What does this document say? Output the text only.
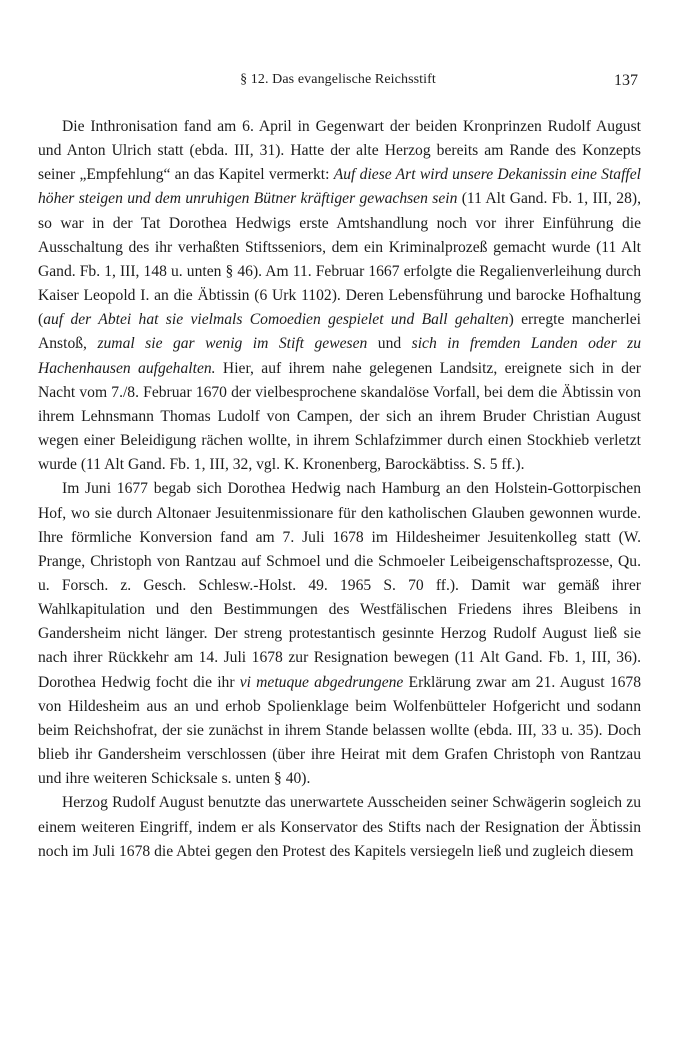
§ 12. Das evangelische Reichsstift	137

Die Inthronisation fand am 6. April in Gegenwart der beiden Kronprinzen Rudolf August und Anton Ulrich statt (ebda. III, 31). Hatte der alte Herzog bereits am Rande des Konzepts seiner „Empfehlung“ an das Kapitel vermerkt: Auf diese Art wird unsere Dekanissin eine Staffel höher steigen und dem unruhigen Bütner kräftiger gewachsen sein (11 Alt Gand. Fb. 1, III, 28), so war in der Tat Dorothea Hedwigs erste Amtshandlung noch vor ihrer Einführung die Ausschaltung des ihr verhaßten Stiftsseniors, dem ein Kriminalprozeß gemacht wurde (11 Alt Gand. Fb. 1, III, 148 u. unten § 46). Am 11. Februar 1667 erfolgte die Regalienverleihung durch Kaiser Leopold I. an die Äbtissin (6 Urk 1102). Deren Lebensführung und barocke Hofhaltung (auf der Abtei hat sie vielmals Comoedien gespielet und Ball gehalten) erregte mancherlei Anstoß, zumal sie gar wenig im Stift gewesen und sich in fremden Landen oder zu Hachenhausen aufgehalten. Hier, auf ihrem nahe gelegenen Landsitz, ereignete sich in der Nacht vom 7./8. Februar 1670 der vielbesprochene skandalöse Vorfall, bei dem die Äbtissin von ihrem Lehnsmann Thomas Ludolf von Campen, der sich an ihrem Bruder Christian August wegen einer Beleidigung rächen wollte, in ihrem Schlafzimmer durch einen Stockhieb verletzt wurde (11 Alt Gand. Fb. 1, III, 32, vgl. K. Kronenberg, Barockäbtiss. S. 5 ff.).

Im Juni 1677 begab sich Dorothea Hedwig nach Hamburg an den Holstein-Gottorpischen Hof, wo sie durch Altonaer Jesuitenmissionare für den katholischen Glauben gewonnen wurde. Ihre förmliche Konversion fand am 7. Juli 1678 im Hildesheimer Jesuitenkolleg statt (W. Prange, Christoph von Rantzau auf Schmoel und die Schmoeler Leibeigenschaftsprozesse, Qu. u. Forsch. z. Gesch. Schlesw.-Holst. 49. 1965 S. 70 ff.). Damit war gemäß ihrer Wahlkapitulation und den Bestimmungen des Westfälischen Friedens ihres Bleibens in Gandersheim nicht länger. Der streng protestantisch gesinnte Herzog Rudolf August ließ sie nach ihrer Rückkehr am 14. Juli 1678 zur Resignation bewegen (11 Alt Gand. Fb. 1, III, 36). Dorothea Hedwig focht die ihr vi metuque abgedrungene Erklärung zwar am 21. August 1678 von Hildesheim aus an und erhob Spolienklage beim Wolfenbütteler Hofgericht und sodann beim Reichshofrat, der sie zunächst in ihrem Stande belassen wollte (ebda. III, 33 u. 35). Doch blieb ihr Gandersheim verschlossen (über ihre Heirat mit dem Grafen Christoph von Rantzau und ihre weiteren Schicksale s. unten § 40).

Herzog Rudolf August benutzte das unerwartete Ausscheiden seiner Schwägerin sogleich zu einem weiteren Eingriff, indem er als Konservator des Stifts nach der Resignation der Äbtissin noch im Juli 1678 die Abtei gegen den Protest des Kapitels versiegeln ließ und zugleich diesem
